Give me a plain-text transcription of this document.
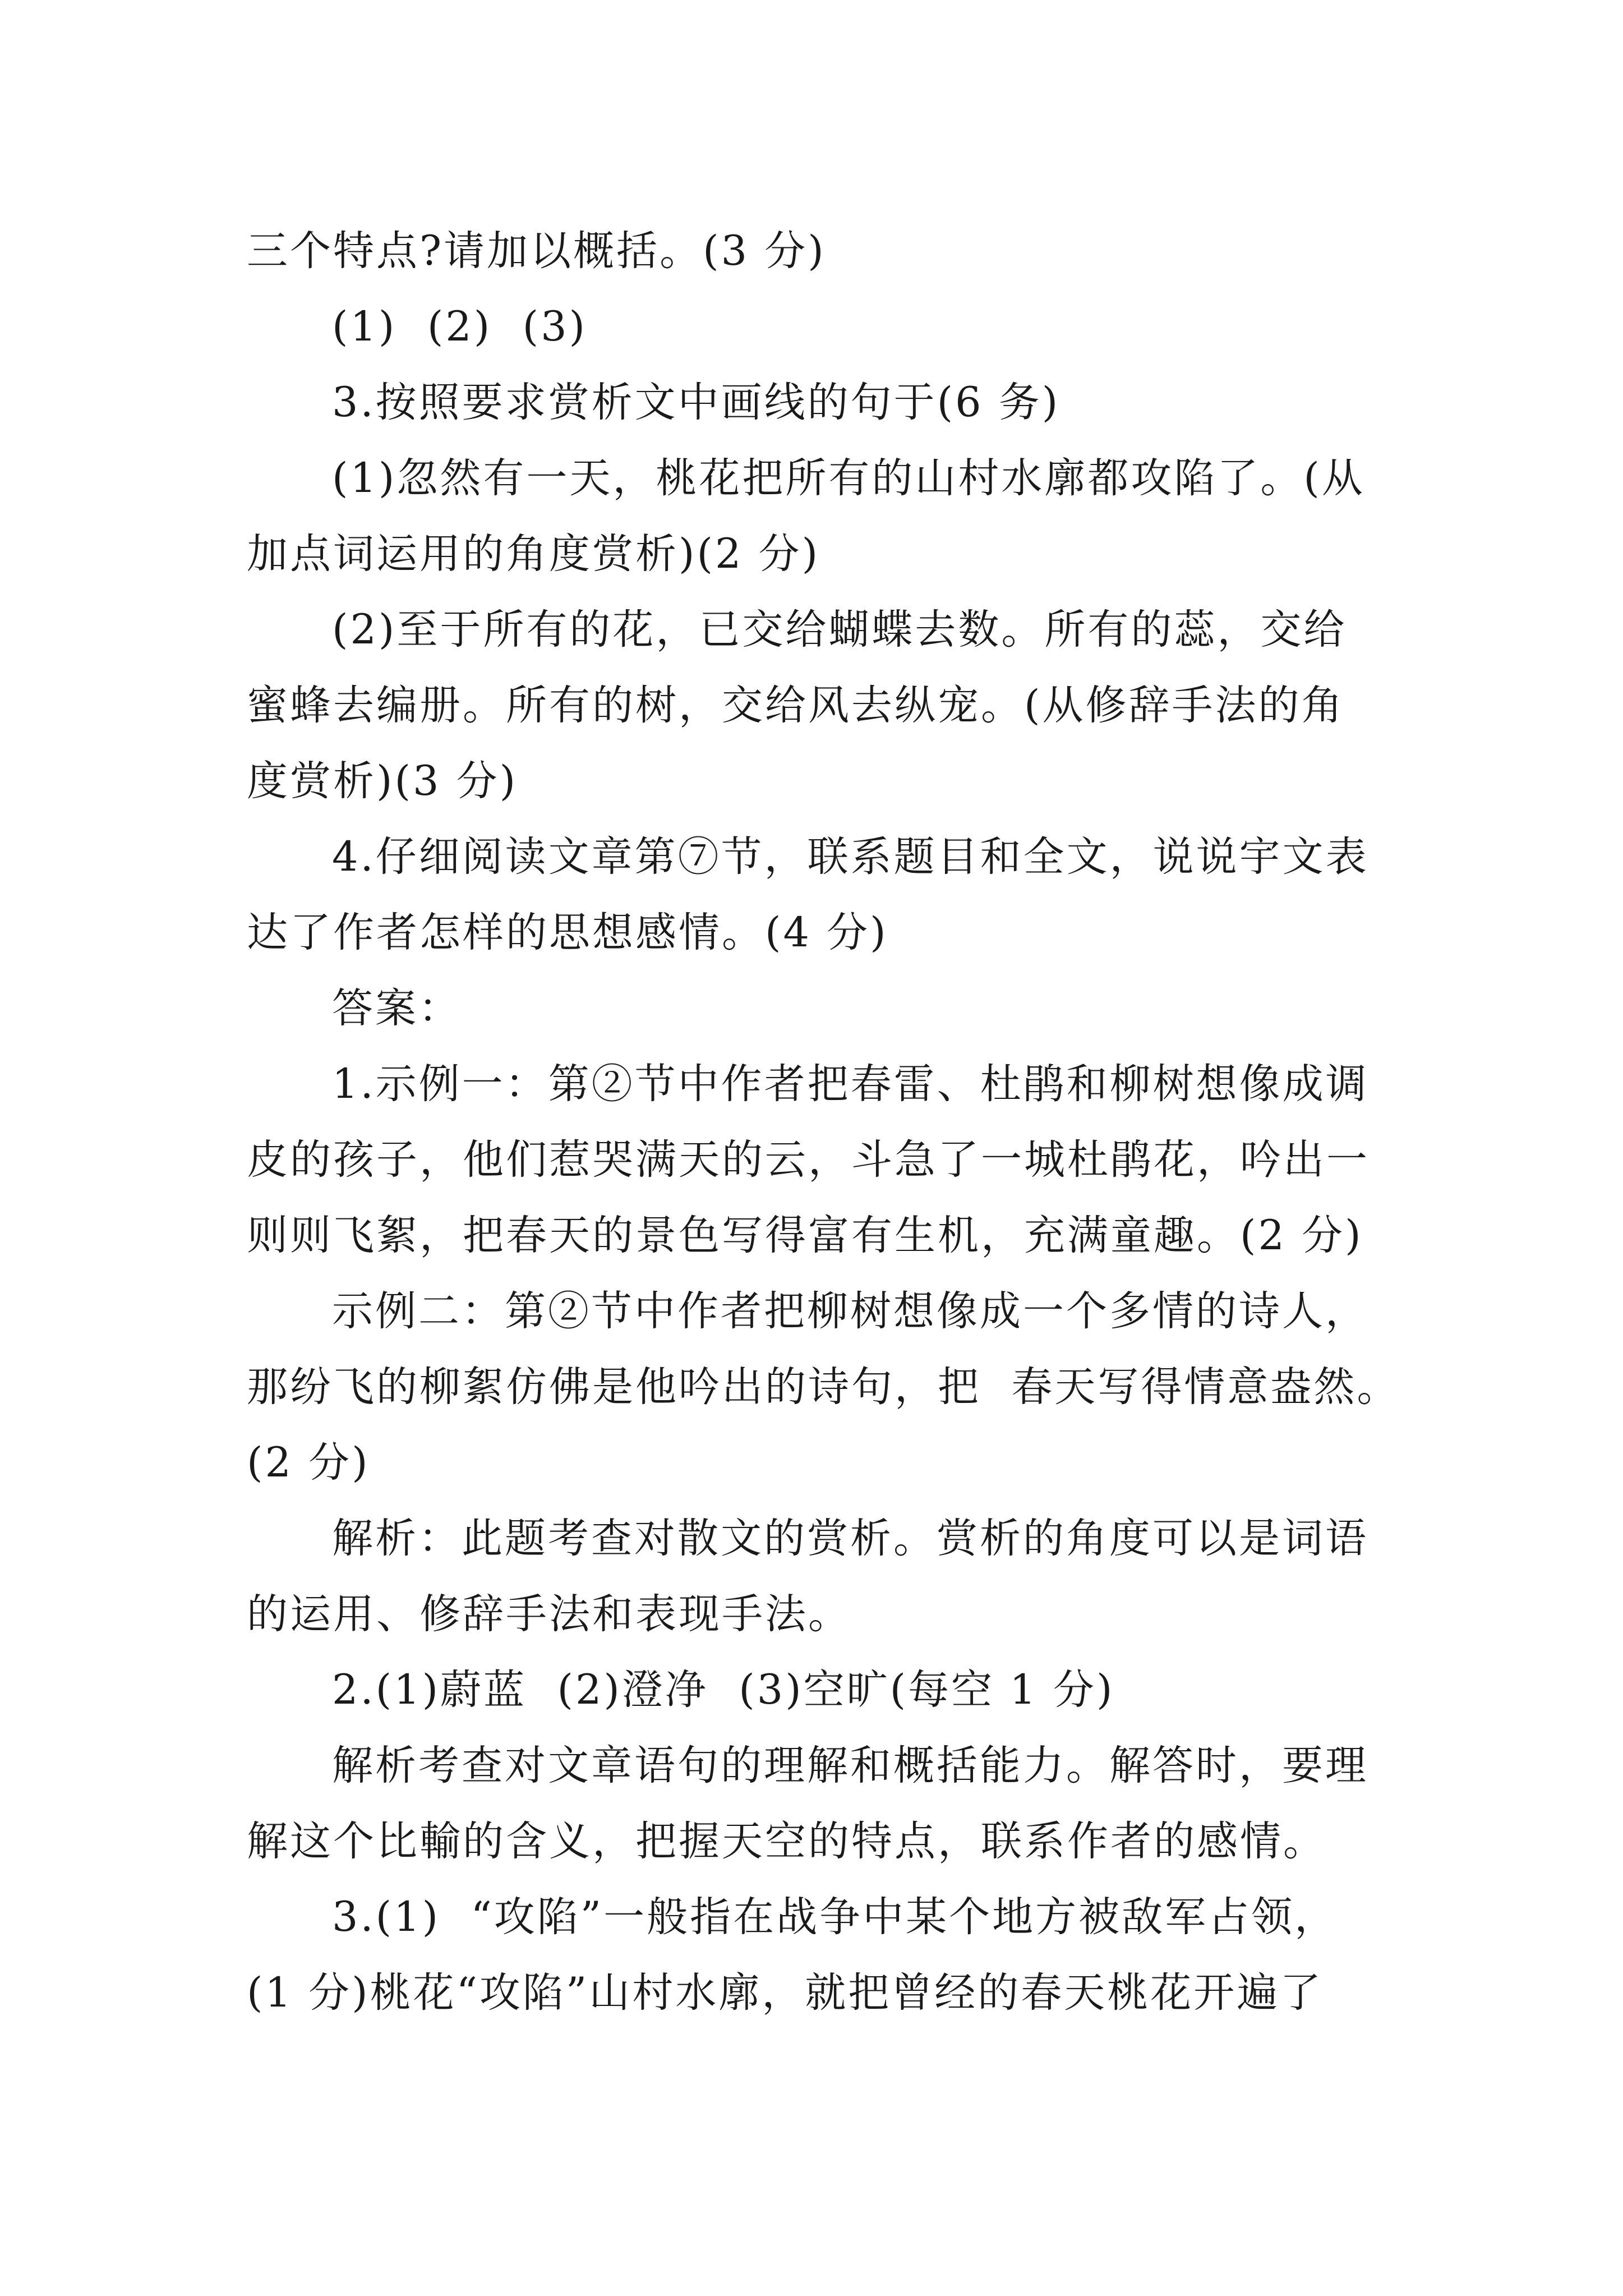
三个特点?请加以概括。(3 分)
(1)  (2)  (3)
3.按照要求赏析文中画线的句于(6 务)
(1)忽然有一天，桃花把所有的山村水廓都攻陷了。(从
加点词运用的角度赏析)(2 分)
(2)至于所有的花，已交给蝴蝶去数。所有的蕊，交给
蜜蜂去编册。所有的树，交给风去纵宠。(从修辞手法的角
度赏析)(3 分)
4.仔细阅读文章第⑦节，联系题目和全文，说说宇文表
达了作者怎样的思想感情。(4 分)
答案：
1.示例一：第②节中作者把春雷、杜鹃和柳树想像成调
皮的孩子，他们惹哭满天的云，斗急了一城杜鹃花，吟出一
则则飞絮，把春天的景色写得富有生机，充满童趣。(2 分)
示例二：第②节中作者把柳树想像成一个多情的诗人，
那纷飞的柳絮仿佛是他吟出的诗句，把  春天写得情意盎然。
(2 分)
解析：此题考查对散文的赏析。赏析的角度可以是词语
的运用、修辞手法和表现手法。
2.(1)蔚蓝  (2)澄净  (3)空旷(每空 1 分)
解析考查对文章语句的理解和概括能力。解答时，要理
解这个比輸的含义，把握天空的特点，联系作者的感情。
3.(1)  “攻陷”一般指在战争中某个地方被敌军占领，
(1 分)桃花“攻陷”山村水廓，就把曾经的春天桃花开遍了
